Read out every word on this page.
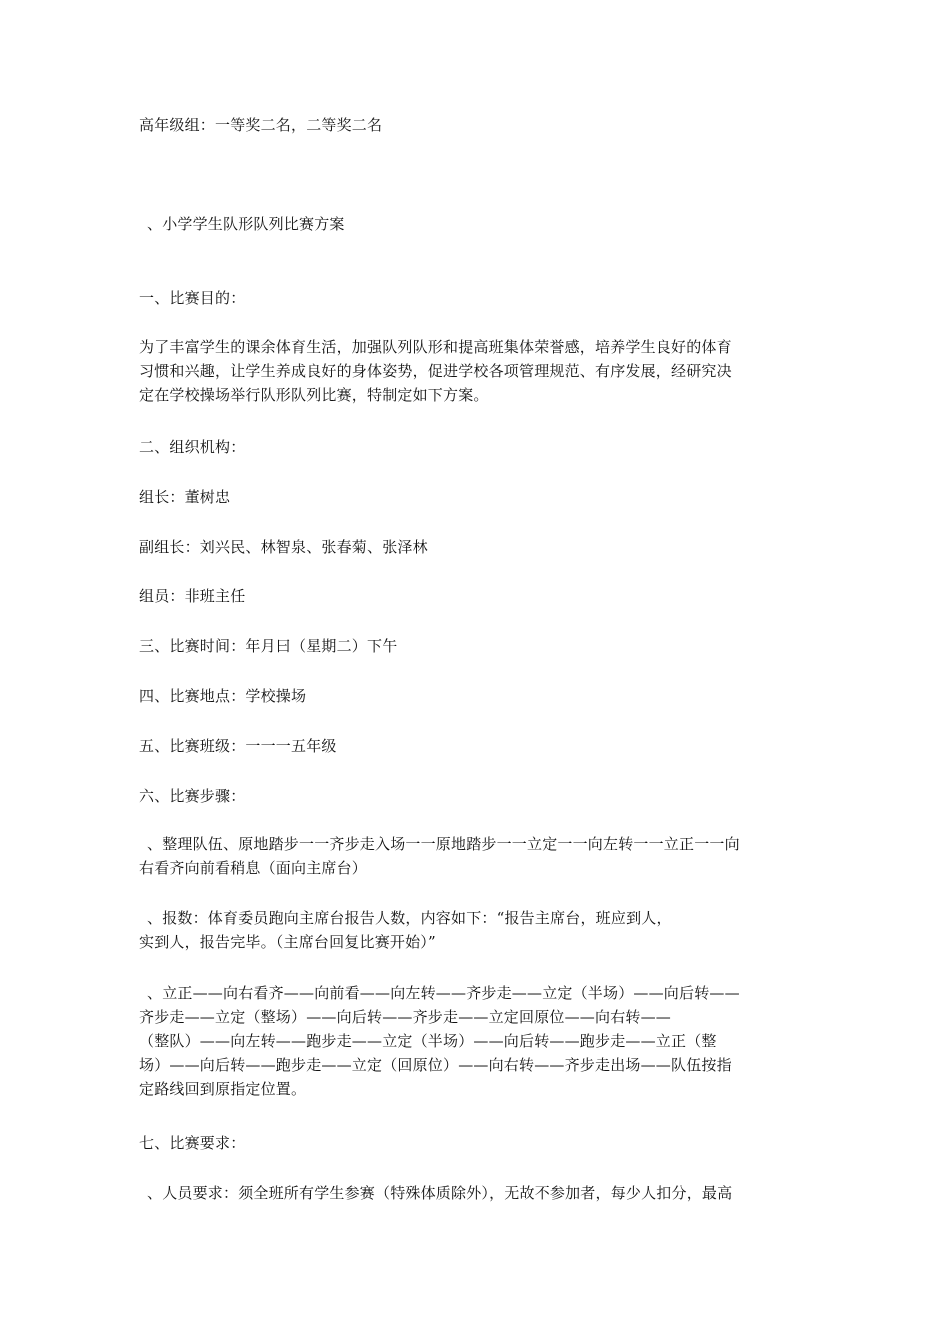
高年级组：一等奖二名，二等奖二名
、小学学生队形队列比赛方案
一、比赛目的：
为了丰富学生的课余体育生活，加强队列队形和提高班集体荣誉感，培养学生良好的体育
习惯和兴趣，让学生养成良好的身体姿势，促进学校各项管理规范、有序发展，经研究决
定在学校操场举行队形队列比赛，特制定如下方案。
二、组织机构：
组长：董树忠
副组长：刘兴民、林智泉、张春菊、张泽林
组员：非班主任
三、比赛时间：年月曰（星期二）下午
四、比赛地点：学校操场
五、比赛班级：一一一五年级
六、比赛步骤：
、整理队伍、原地踏步一一齐步走入场一一原地踏步一一立定一一向左转一一立正一一向
右看齐向前看稍息（面向主席台）
、报数：体育委员跑向主席台报告人数，内容如下：“报告主席台，班应到人，
实到人，报告完毕。（主席台回复比赛开始）”
、立正——向右看齐——向前看——向左转——齐步走——立定（半场）——向后转——
齐步走——立定（整场）——向后转——齐步走——立定回原位——向右转——
（整队）——向左转——跑步走——立定（半场）——向后转——跑步走——立正（整
场）——向后转——跑步走——立定（回原位）——向右转——齐步走出场——队伍按指
定路线回到原指定位置。
七、比赛要求：
、人员要求：须全班所有学生参赛（特殊体质除外），无故不参加者，每少人扣分，最高
